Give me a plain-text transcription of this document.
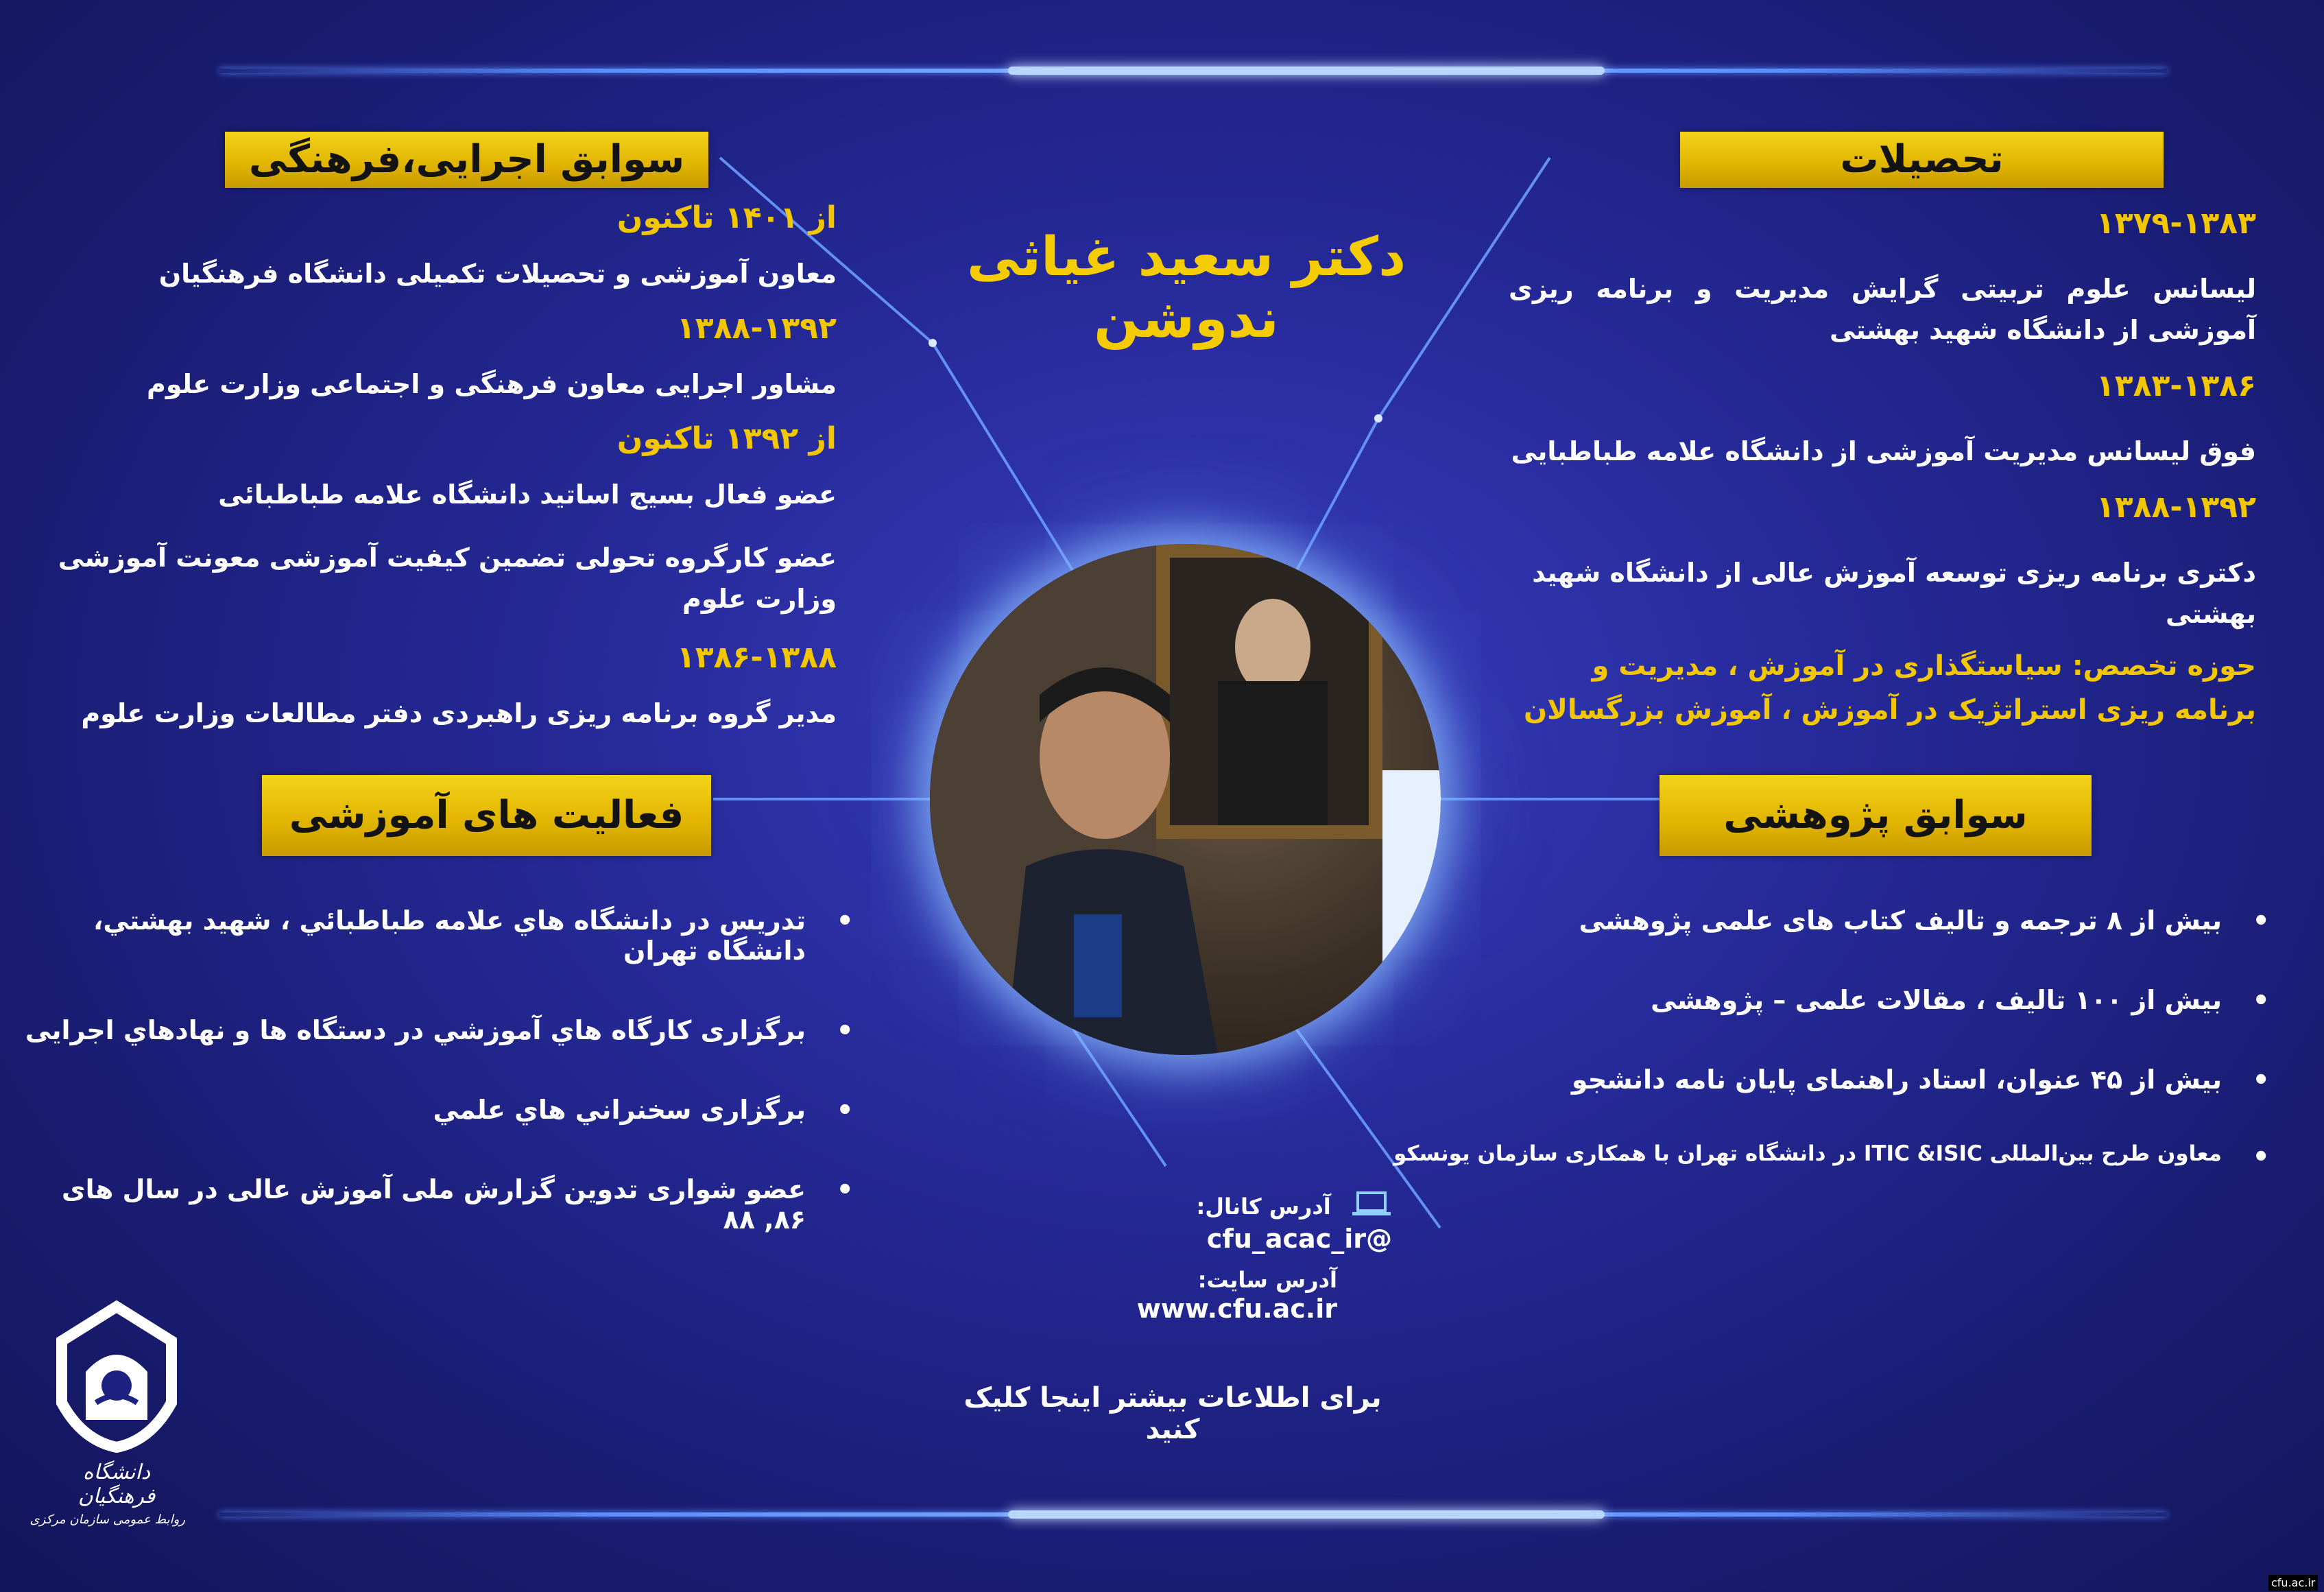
دکتر سعید غیاثی ندوشن
تحصیلات
۱۳۷۹-۱۳۸۳
لیسانس علوم تربیتی گرایش مدیریت و برنامه ریزی آموزشی از دانشگاه شهید بهشتی
۱۳۸۳-۱۳۸۶
فوق لیسانس مدیریت آموزشی از دانشگاه علامه طباطبایی
۱۳۸۸-۱۳۹۲
دکتری برنامه ریزی توسعه آموزش عالی از دانشگاه شهید بهشتی
حوزه تخصص: سیاستگذاری در آموزش ، مدیریت و برنامه ریزی استراتژیک در آموزش ، آموزش بزرگسالان
سوابق پژوهشی
• بیش از ۸ ترجمه و تالیف کتاب های علمی پژوهشی
• بیش از ۱۰۰ تالیف ، مقالات علمی – پژوهشی
• بیش از ۴۵ عنوان، استاد راهنمای پایان نامه دانشجو
• معاون طرح بین‌المللی ITIC &ISIC در دانشگاه تهران با همکاری سازمان یونسکو
سوابق اجرایی،فرهنگی
از ۱۴۰۱ تاکنون
معاون آموزشی و تحصیلات تکمیلی دانشگاه فرهنگیان
۱۳۸۸-۱۳۹۲
مشاور اجرایی معاون فرهنگی و اجتماعی وزارت علوم
از ۱۳۹۲ تاکنون
عضو فعال بسیج اساتید دانشگاه علامه طباطبائی
عضو کارگروه تحولی تضمین کیفیت آموزشی معونت آموزشی وزارت علوم
۱۳۸۶-۱۳۸۸
مدیر گروه برنامه ریزی راهبردی دفتر مطالعات وزارت علوم
فعالیت های آموزشی
• تدریس در دانشگاه هاي علامه طباطبائي ، شهید بهشتي، دانشگاه تهران
• برگزاری کارگاه هاي آموزشي در دستگاه ها و نهادهاي اجرایی
• برگزاری سخنراني هاي علمي
• عضو شوارى تدوين گزارش ملى آموزش عالى در سال هاى ۸۶, ۸۸	آدرس کانال: @cfu_acac_ir
آدرس سایت: www.cfu.ac.ir
برای اطلاعات بیشتر اینجا کلیک کنید
دانشگاه فرهنگیان
روابط عمومی سازمان مرکزی
cfu.ac.ir
